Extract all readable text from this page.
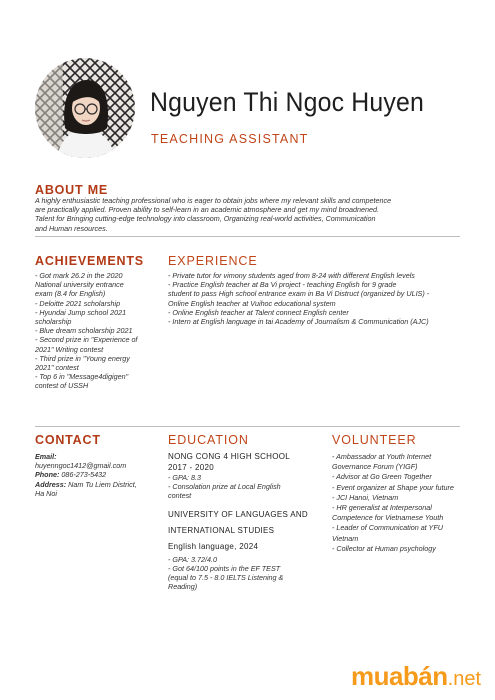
Nguyen Thi Ngoc Huyen
TEACHING ASSISTANT
ABOUT ME
A highly enthusiastic teaching professional who is eager to obtain jobs where my relevant skills and competence
are practically applied. Proven ability to self-learn in an academic atmosphere and get my mind broadnened.
Talent for Bringing cutting-edge technology into classroom, Organizing real-world activities, Communication
and Human resources.
ACHIEVEMENTS
- Got mark 26.2 in the 2020
National university entrance
exam (8.4 for English)
- Deloitte 2021 scholarship
- Hyundai Jump school 2021
scholarship
- Blue dream scholarship 2021
- Second prize in "Experience of
2021" Writing contest
- Third prize in "Young energy
2021" contest
- Top 6 in "Message4digigen"
contest of USSH
EXPERIENCE
- Private tutor for vimony students aged from 8-24 with different English levels
- Practice English teacher at Ba Vi project - teaching English for 9 grade
student to pass High school entrance exam in Ba Vi Distruct (organized by ULIS) -
Online English teacher at Vuihoc educational system
- Online English teacher at Talent connect English center
- Intern at English language in tai Academy of Journalism & Communication (AJC)
CONTACT
Email:
huyenngoc1412@gmail.com
Phone: 086-273-5432
Address: Nam Tu Liem District,
Ha Noi
EDUCATION
NONG CONG 4 HIGH SCHOOL
2017 - 2020
- GPA: 8.3
- Consolation prize at Local English
contest
UNIVERSITY OF LANGUAGES AND
INTERNATIONAL STUDIES
English language, 2024
- GPA: 3.72/4.0
- Got 64/100 points in the EF TEST
(equal to 7.5 - 8.0 IELTS Listening &
Reading)
VOLUNTEER
- Ambassador at Youth Internet
Governance Forum (YIGF)
- Advisor at Go Green Together
- Event organizer at Shape your future
- JCI Hanoi, Vietnam
- HR generalist at Interpersonal
Competence for Vietnamese Youth
- Leader of Communication at YFU
Vietnam
- Collector at Human psychology
muabán.net
